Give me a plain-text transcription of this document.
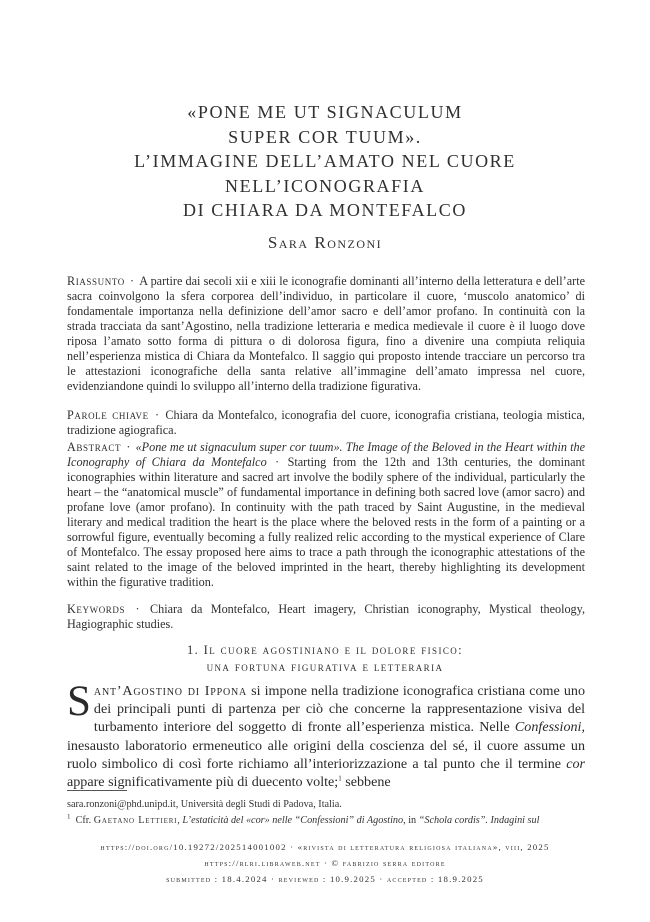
«PONE ME UT SIGNACULUM
SUPER COR TUUM».
L’IMMAGINE DELL’AMATO NEL CUORE
NELL’ICONOGRAFIA
DI CHIARA DA MONTEFALCO
Sara Ronzoni
Riassunto · A partire dai secoli xii e xiii le iconografie dominanti all’interno della letteratura e dell’arte sacra coinvolgono la sfera corporea dell’individuo, in particolare il cuore, ‘muscolo anatomico’ di fondamentale importanza nella definizione dell’amor sacro e dell’amor profano. In continuità con la strada tracciata da sant’Agostino, nella tradizione letteraria e medica medievale il cuore è il luogo dove riposa l’amato sotto forma di pittura o di dolorosa figura, fino a divenire una compiuta reliquia nell’esperienza mistica di Chiara da Montefalco. Il saggio qui proposto intende tracciare un percorso tra le attestazioni iconografiche della santa relative all’immagine dell’amato impressa nel cuore, evidenziandone quindi lo sviluppo all’interno della tradizione figurativa.
Parole chiave · Chiara da Montefalco, iconografia del cuore, iconografia cristiana, teologia mistica, tradizione agiografica.
Abstract · «Pone me ut signaculum super cor tuum». The Image of the Beloved in the Heart within the Iconography of Chiara da Montefalco · Starting from the 12th and 13th centuries, the dominant iconographies within literature and sacred art involve the bodily sphere of the individual, particularly the heart – the “anatomical muscle” of fundamental importance in defining both sacred love (amor sacro) and profane love (amor profano). In continuity with the path traced by Saint Augustine, in the medieval literary and medical tradition the heart is the place where the beloved rests in the form of a painting or a sorrowful figure, eventually becoming a fully realized relic according to the mystical experience of Clare of Montefalco. The essay proposed here aims to trace a path through the iconographic attestations of the saint related to the image of the beloved imprinted in the heart, thereby highlighting its development within the figurative tradition.
Keywords · Chiara da Montefalco, Heart imagery, Christian iconography, Mystical theology, Hagiographic studies.
1. Il cuore agostiniano e il dolore fisico:
una fortuna figurativa e letteraria
Sant’Agostino di Ippona si impone nella tradizione iconografica cristiana come uno dei principali punti di partenza per ciò che concerne la rappresentazione visiva del turbamento interiore del soggetto di fronte all’esperienza mistica. Nelle Confessioni, inesausto laboratorio ermeneutico alle origini della coscienza del sé, il cuore assume un ruolo simbolico di così forte richiamo all’interiorizzazione a tal punto che il termine cor appare significativamente più di duecento volte;$^1$ sebbene
sara.ronzoni@phd.unipd.it, Università degli Studi di Padova, Italia.
$^1$ Cfr. Gaetano Lettieri, L’estaticità del «cor» nelle “Confessioni” di Agostino, in “Schola cordis”. Indagini sul
https://doi.org/10.19272/202514001002 · «rivista di letteratura religiosa italiana», viii, 2025
https://rlri.libraweb.net · © fabrizio serra editore
submitted : 18.4.2024 · reviewed : 10.9.2025 · accepted : 18.9.2025
